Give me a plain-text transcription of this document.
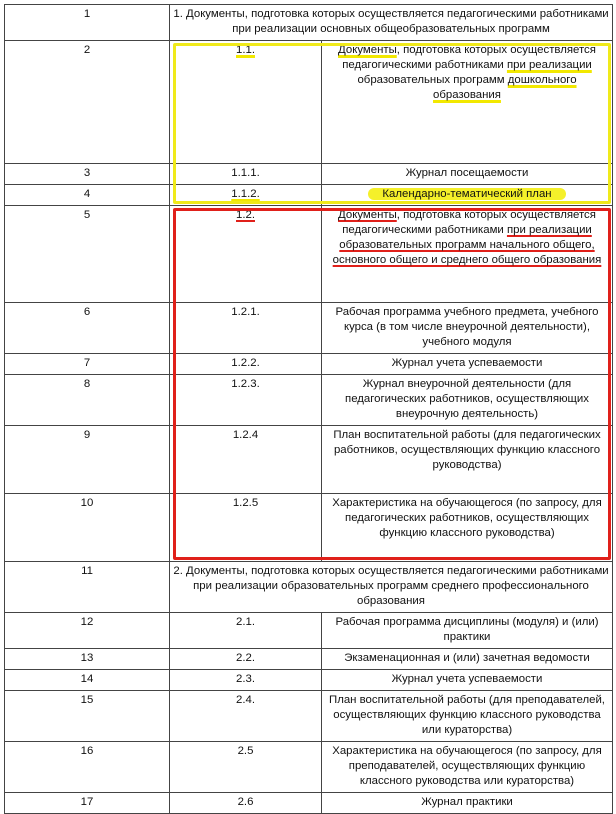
1	1. Документы, подготовка которых осуществляется педагогическими работниками при реализации основных общеобразовательных программ	
2	1.1.	Документы, подготовка которых осуществляется педагогическими работниками при реализации образовательных программ дошкольного образования
3	1.1.1.	Журнал посещаемости
4	1.1.2.	Календарно-тематический план
5	1.2.	Документы, подготовка которых осуществляется педагогическими работниками при реализации образовательных программ начального общего, основного общего и среднего общего образования
6	1.2.1.	Рабочая программа учебного предмета, учебного курса (в том числе внеурочной деятельности), учебного модуля
7	1.2.2.	Журнал учета успеваемости
8	1.2.3.	Журнал внеурочной деятельности (для педагогических работников, осуществляющих внеурочную деятельность)
9	1.2.4	План воспитательной работы (для педагогических работников, осуществляющих функцию классного руководства)
10	1.2.5	Характеристика на обучающегося (по запросу, для педагогических работников, осуществляющих функцию классного руководства)
11	2. Документы, подготовка которых осуществляется педагогическими работниками при реализации образовательных программ среднего профессионального образования	
12	2.1.	Рабочая программа дисциплины (модуля) и (или) практики
13	2.2.	Экзаменационная и (или) зачетная ведомости
14	2.3.	Журнал учета успеваемости
15	2.4.	План воспитательной работы (для преподавателей, осуществляющих функцию классного руководства или кураторства)
16	2.5	Характеристика на обучающегося (по запросу, для преподавателей, осуществляющих функцию классного руководства или кураторства)
17	2.6	Журнал практики
